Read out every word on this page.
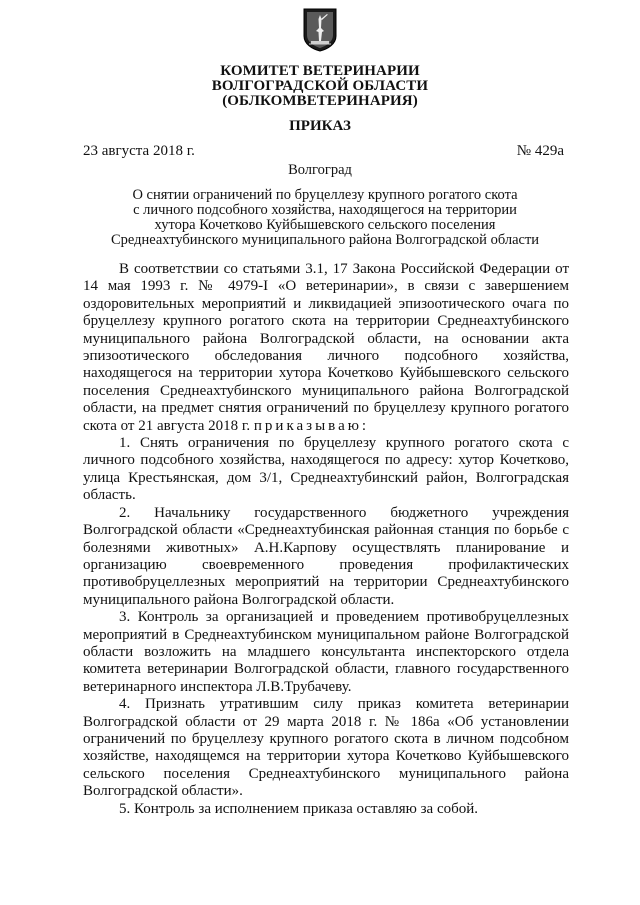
КОМИТЕТ ВЕТЕРИНАРИИ
ВОЛГОГРАДСКОЙ ОБЛАСТИ
(ОБЛКОМВЕТЕРИНАРИЯ)
ПРИКАЗ
23 августа 2018 г.	№ 429а
Волгоград
О снятии ограничений по бруцеллезу крупного рогатого скота
с личного подсобного хозяйства, находящегося на территории
хутора Кочетково Куйбышевского сельского поселения
Среднеахтубинского муниципального района Волгоградской области

В соответствии со статьями 3.1, 17 Закона Российской Федерации от 14 мая 1993 г. № 4979-I «О ветеринарии», в связи с завершением оздоровительных мероприятий и ликвидацией эпизоотического очага по бруцеллезу крупного рогатого скота на территории Среднеахтубинского муниципального района Волгоградской области, на основании акта эпизоотического обследования личного подсобного хозяйства, находящегося на территории хутора Кочетково Куйбышевского сельского поселения Среднеахтубинского муниципального района Волгоградской области, на предмет снятия ограничений по бруцеллезу крупного рогатого скота от 21 августа 2018 г. приказываю:

1. Снять ограничения по бруцеллезу крупного рогатого скота с личного подсобного хозяйства, находящегося по адресу: хутор Кочетково, улица Крестьянская, дом 3/1, Среднеахтубинский район, Волгоградская область.

2. Начальнику государственного бюджетного учреждения Волгоградской области «Среднеахтубинская районная станция по борьбе с болезнями животных» А.Н.Карпову осуществлять планирование и организацию своевременного проведения профилактических противобруцеллезных мероприятий на территории Среднеахтубинского муниципального района Волгоградской области.

3. Контроль за организацией и проведением противобруцеллезных мероприятий в Среднеахтубинском муниципальном районе Волгоградской области возложить на младшего консультанта инспекторского отдела комитета ветеринарии Волгоградской области, главного государственного ветеринарного инспектора Л.В.Трубачеву.

4. Признать утратившим силу приказ комитета ветеринарии Волгоградской области от 29 марта 2018 г. № 186а «Об установлении ограничений по бруцеллезу крупного рогатого скота в личном подсобном хозяйстве, находящемся на территории хутора Кочетково Куйбышевского сельского поселения Среднеахтубинского муниципального района Волгоградской области».

5. Контроль за исполнением приказа оставляю за собой.
